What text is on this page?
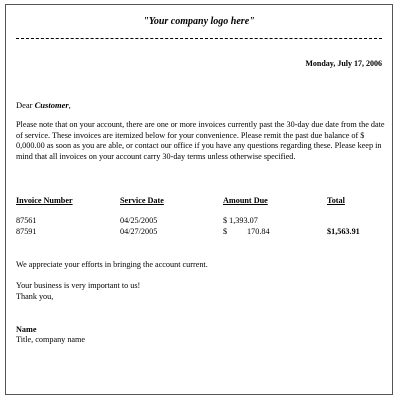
"Your company logo here"
Monday, July 17, 2006
Dear Customer,
Please note that on your account, there are one or more invoices currently past the 30-day due date from the date of service. These invoices are itemized below for your convenience. Please remit the past due balance of $ 0,000.00 as soon as you are able, or contact our office if you have any questions regarding these. Please keep in mind that all invoices on your account carry 30-day terms unless otherwise specified.
Invoice Number	Service Date	Amount Due	Total
87561	04/25/2005	$ 1,393.07
87591	04/27/2005	$ 170.84	$1,563.91
We appreciate your efforts in bringing the account current.
Your business is very important to us!
Thank you,
Name
Title, company name
